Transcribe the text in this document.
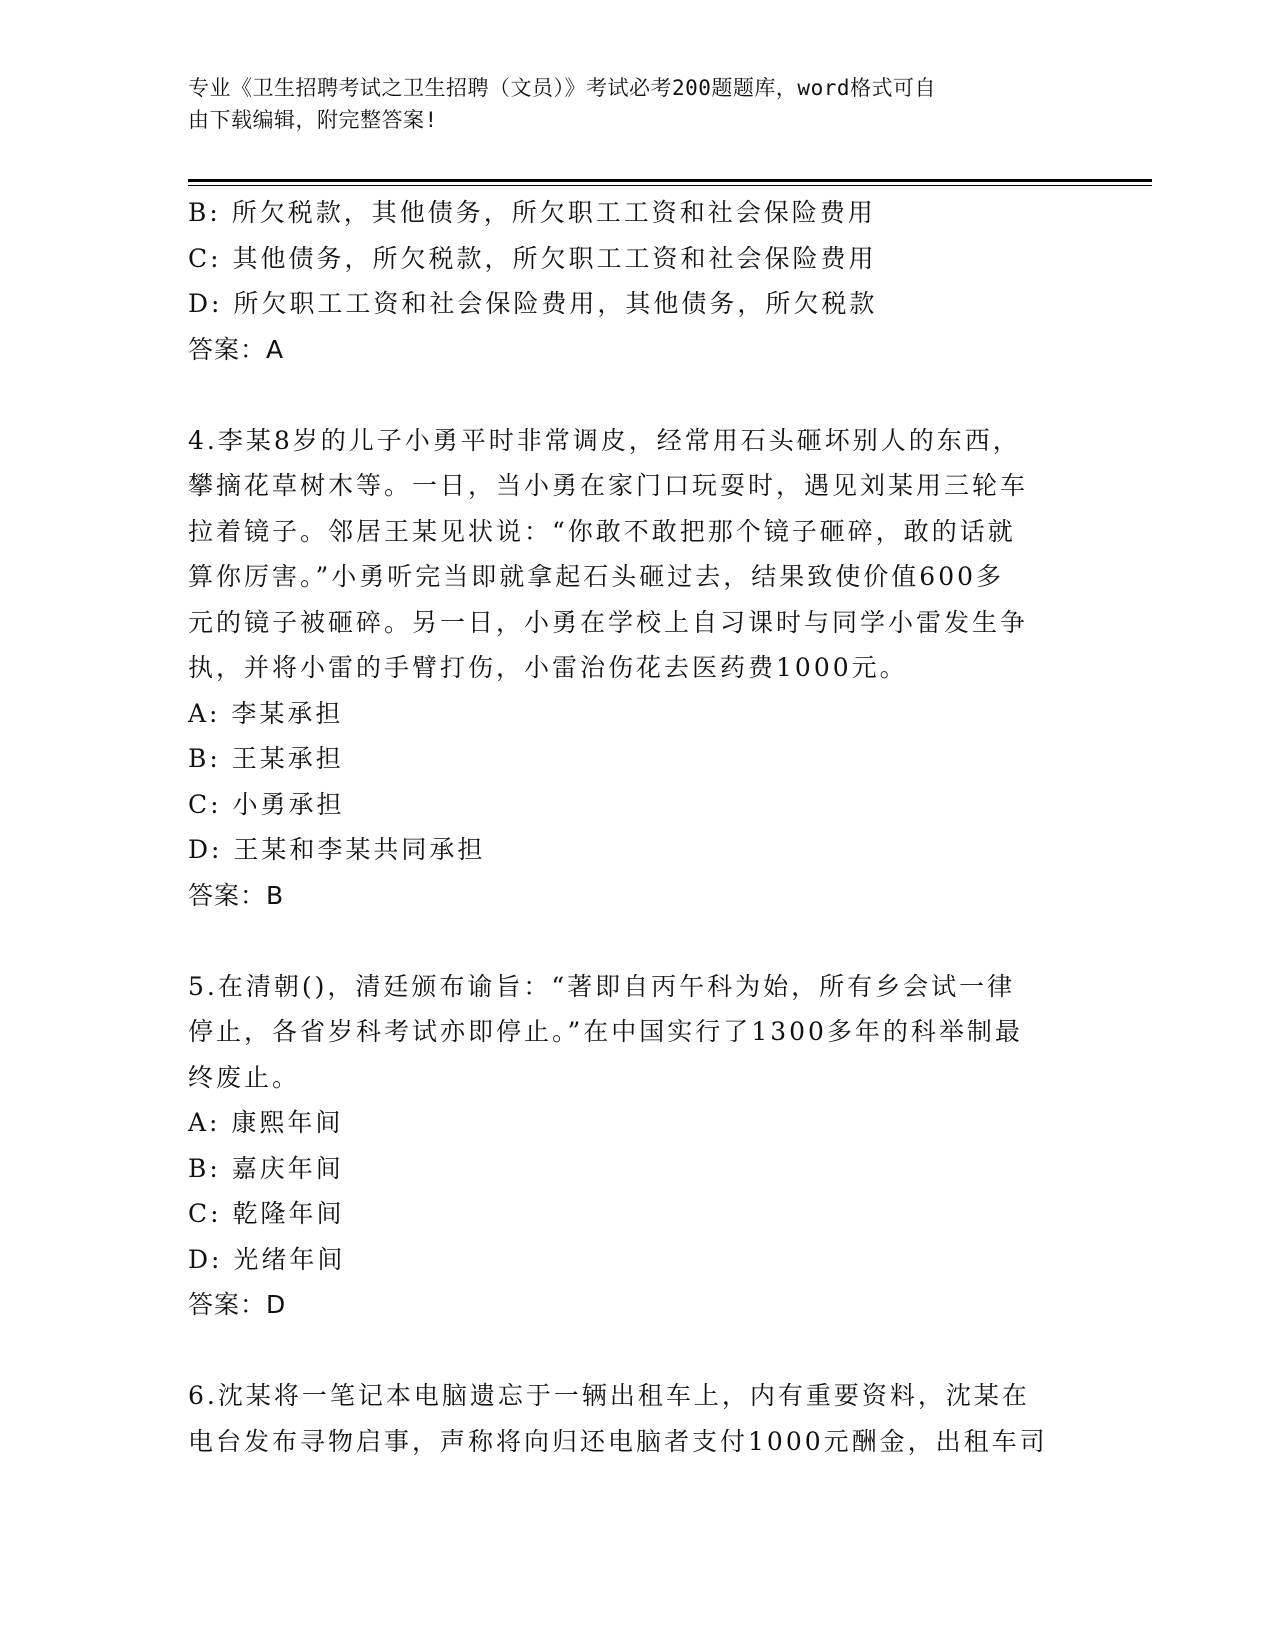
专业《卫生招聘考试之卫生招聘（文员）》考试必考200题题库，word格式可自
由下载编辑，附完整答案!
B: 所欠税款，其他债务，所欠职工工资和社会保险费用
C: 其他债务，所欠税款，所欠职工工资和社会保险费用
D: 所欠职工工资和社会保险费用，其他债务，所欠税款
答案：A
4.李某8岁的儿子小勇平时非常调皮，经常用石头砸坏别人的东西，
攀摘花草树木等。一日，当小勇在家门口玩耍时，遇见刘某用三轮车
拉着镜子。邻居王某见状说：“你敢不敢把那个镜子砸碎，敢的话就
算你厉害。”小勇听完当即就拿起石头砸过去，结果致使价值600多
元的镜子被砸碎。另一日，小勇在学校上自习课时与同学小雷发生争
执，并将小雷的手臂打伤，小雷治伤花去医药费1000元。
A: 李某承担
B: 王某承担
C: 小勇承担
D: 王某和李某共同承担
答案：B
5.在清朝()，清廷颁布谕旨：“著即自丙午科为始，所有乡会试一律
停止，各省岁科考试亦即停止。”在中国实行了1300多年的科举制最
终废止。
A: 康熙年间
B: 嘉庆年间
C: 乾隆年间
D: 光绪年间
答案：D
6.沈某将一笔记本电脑遗忘于一辆出租车上，内有重要资料，沈某在
电台发布寻物启事，声称将向归还电脑者支付1000元酬金，出租车司
